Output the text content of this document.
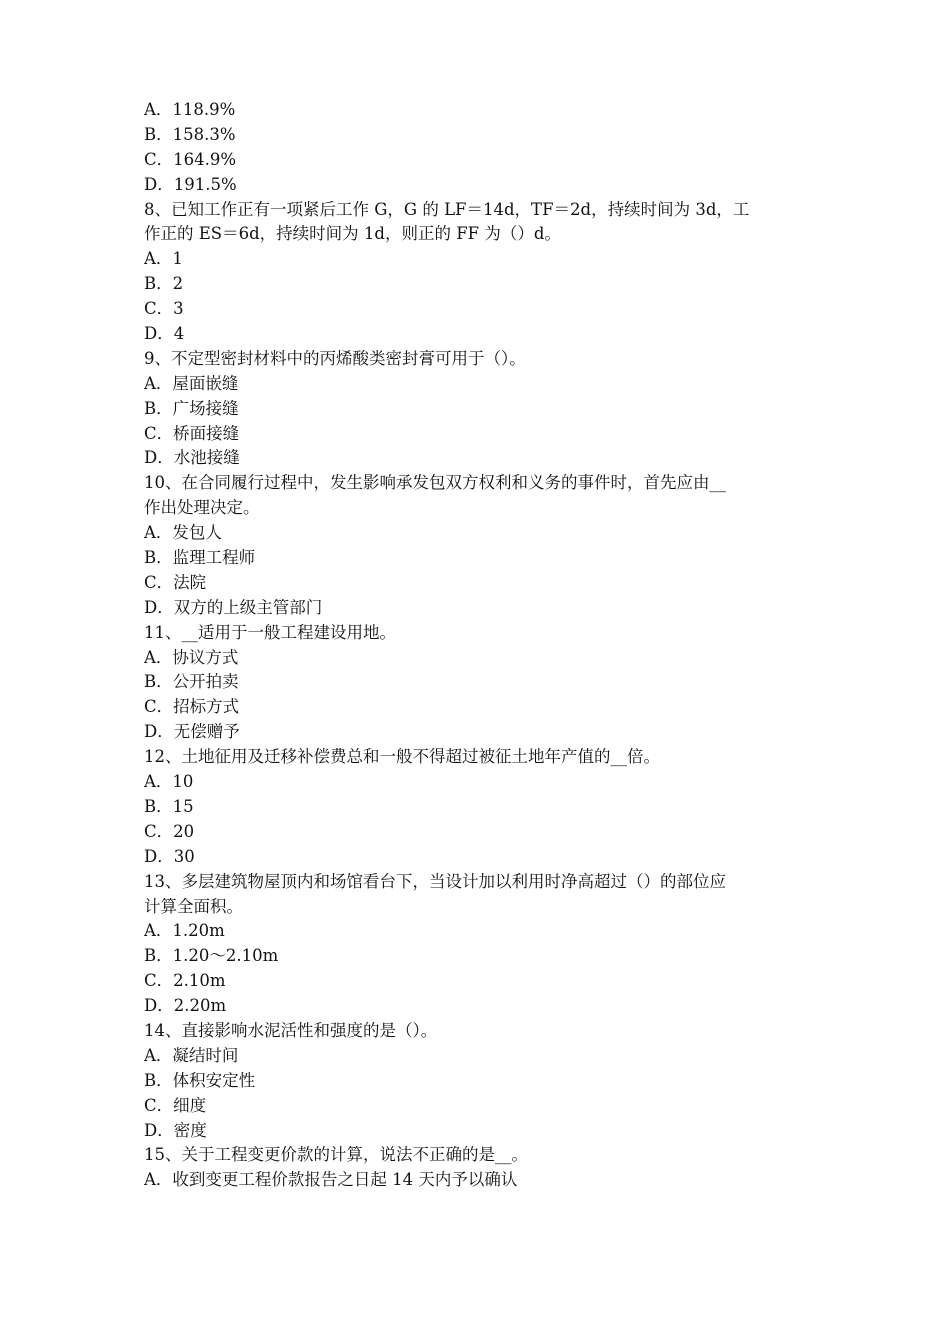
A．118.9%
B．158.3%
C．164.9%
D．191.5%
8、已知工作正有一项紧后工作 G，G 的 LF＝14d，TF＝2d，持续时间为 3d，工
作正的 ES＝6d，持续时间为 1d，则正的 FF 为（）d。
A．1
B．2
C．3
D．4
9、不定型密封材料中的丙烯酸类密封膏可用于（）。
A．屋面嵌缝
B．广场接缝
C．桥面接缝
D．水池接缝
10、在合同履行过程中，发生影响承发包双方权利和义务的事件时，首先应由__
作出处理决定。
A．发包人
B．监理工程师
C．法院
D．双方的上级主管部门
11、__适用于一般工程建设用地。
A．协议方式
B．公开拍卖
C．招标方式
D．无偿赠予
12、土地征用及迁移补偿费总和一般不得超过被征土地年产值的__倍。
A．10
B．15
C．20
D．30
13、多层建筑物屋顶内和场馆看台下，当设计加以利用时净高超过（）的部位应
计算全面积。
A．1.20m
B．1.20～2.10m
C．2.10m
D．2.20m
14、直接影响水泥活性和强度的是（）。
A．凝结时间
B．体积安定性
C．细度
D．密度
15、关于工程变更价款的计算，说法不正确的是__。
A．收到变更工程价款报告之日起 14 天内予以确认
